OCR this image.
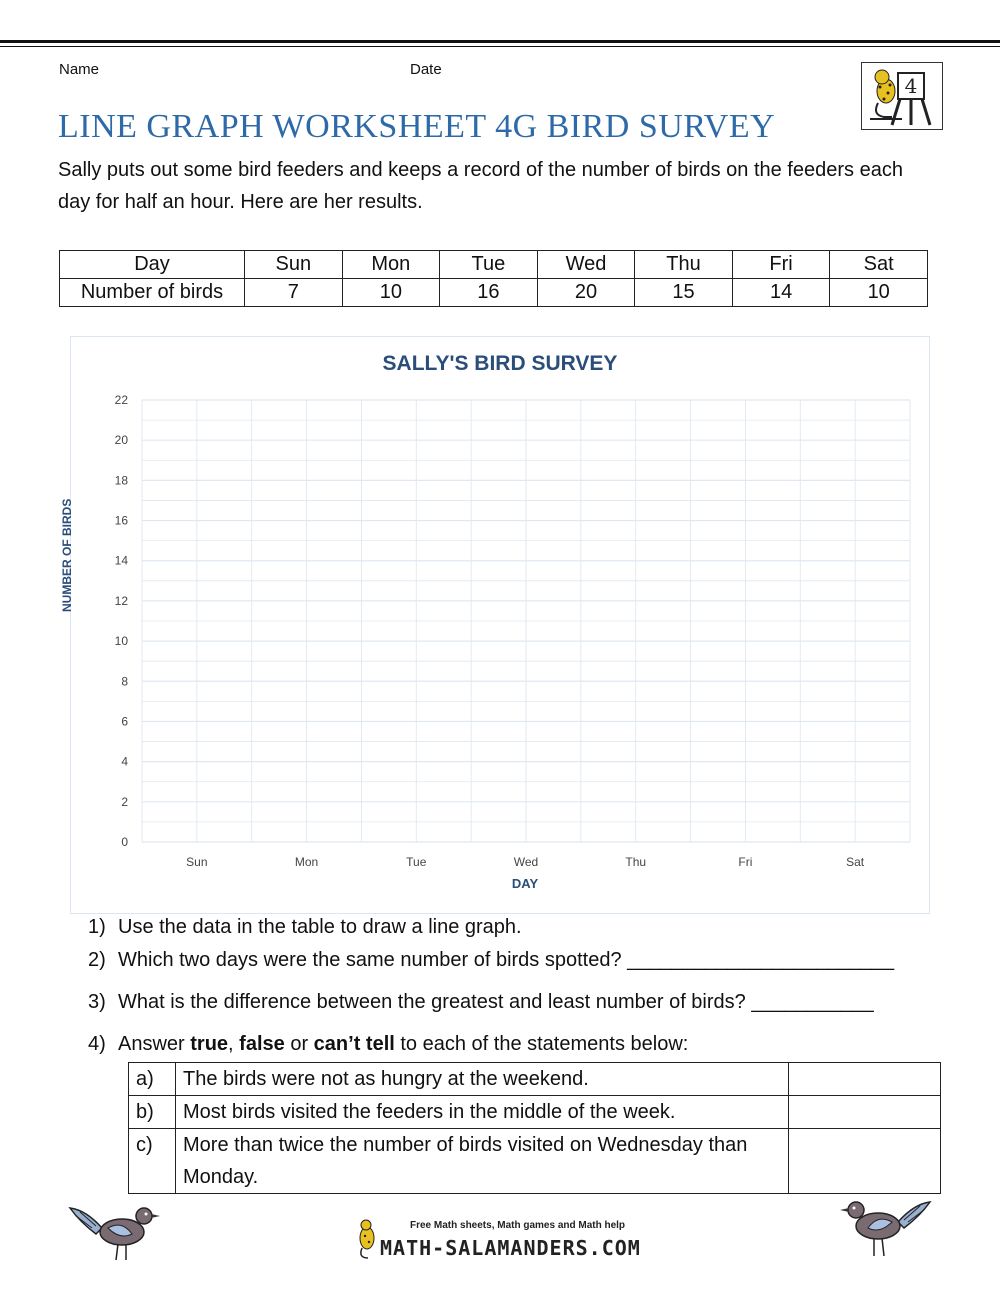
Name	Date
4
LINE GRAPH WORKSHEET 4G BIRD SURVEY
Sally puts out some bird feeders and keeps a record of the number of birds on the feeders each day for half an hour. Here are her results.
Day	Sun	Mon	Tue	Wed	Thu	Fri	Sat
Number of birds	7	10	16	20	15	14	10
SALLY'S BIRD SURVEY
0
2
4
6
8
10
12
14
16
18
20
22
Sun	Mon	Tue	Wed	Thu	Fri	Sat
NUMBER OF BIRDS
DAY
1) Use the data in the table to draw a line graph.
2) Which two days were the same number of birds spotted? ________________________
3) What is the difference between the greatest and least number of birds? ___________
4) Answer true, false or can’t tell to each of the statements below:
a)	The birds were not as hungry at the weekend.	
b)	Most birds visited the feeders in the middle of the week.	
c)	More than twice the number of birds visited on Wednesday than Monday.	
Free Math sheets, Math games and Math help
MATH-SALAMANDERS.COM
